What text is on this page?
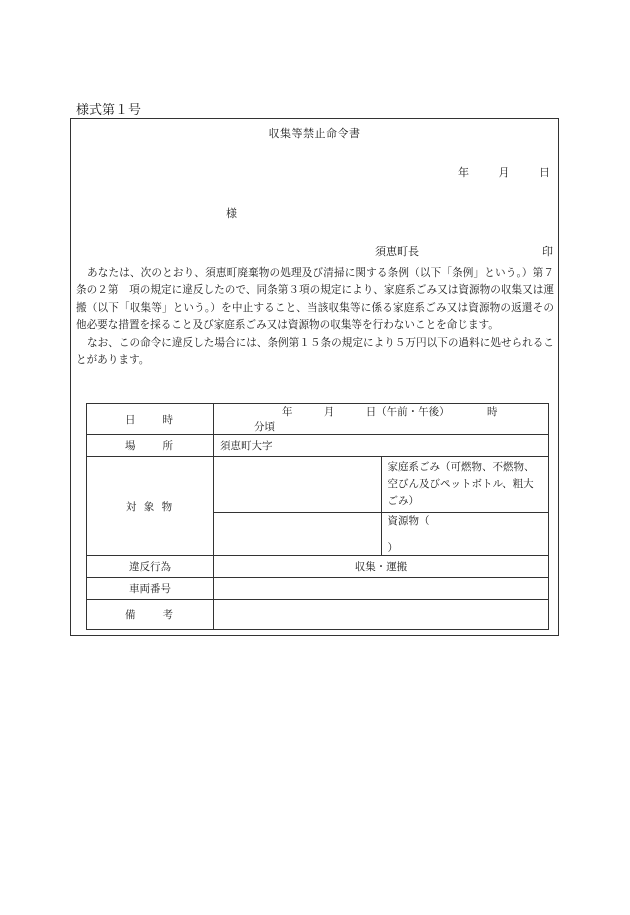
様式第１号
収集等禁止命令書
年	月	日
様
須恵町長	印

あなたは、次のとおり、須恵町廃棄物の処理及び清掃に関する条例（以下「条例」という。）第７条の２第　項の規定に違反したので、同条第３項の規定により、家庭系ごみ又は資源物の収集又は運搬（以下「収集等」という。）を中止すること、当該収集等に係る家庭系ごみ又は資源物の返還その他必要な措置を採ること及び家庭系ごみ又は資源物の収集等を行わないことを命じます。

なお、この命令に違反した場合には、条例第１５条の規定により５万円以下の過料に処せられることがあります。

日　　時	年 月 日（午前・午後） 時 分頃	
場　　所	須恵町大字	
対 象 物		家庭系ごみ（可燃物、不燃物、空びん及びペットボトル、粗大ごみ）
		資源物（  ）
違反行為	収集・運搬	
車両番号		
備　　考		
